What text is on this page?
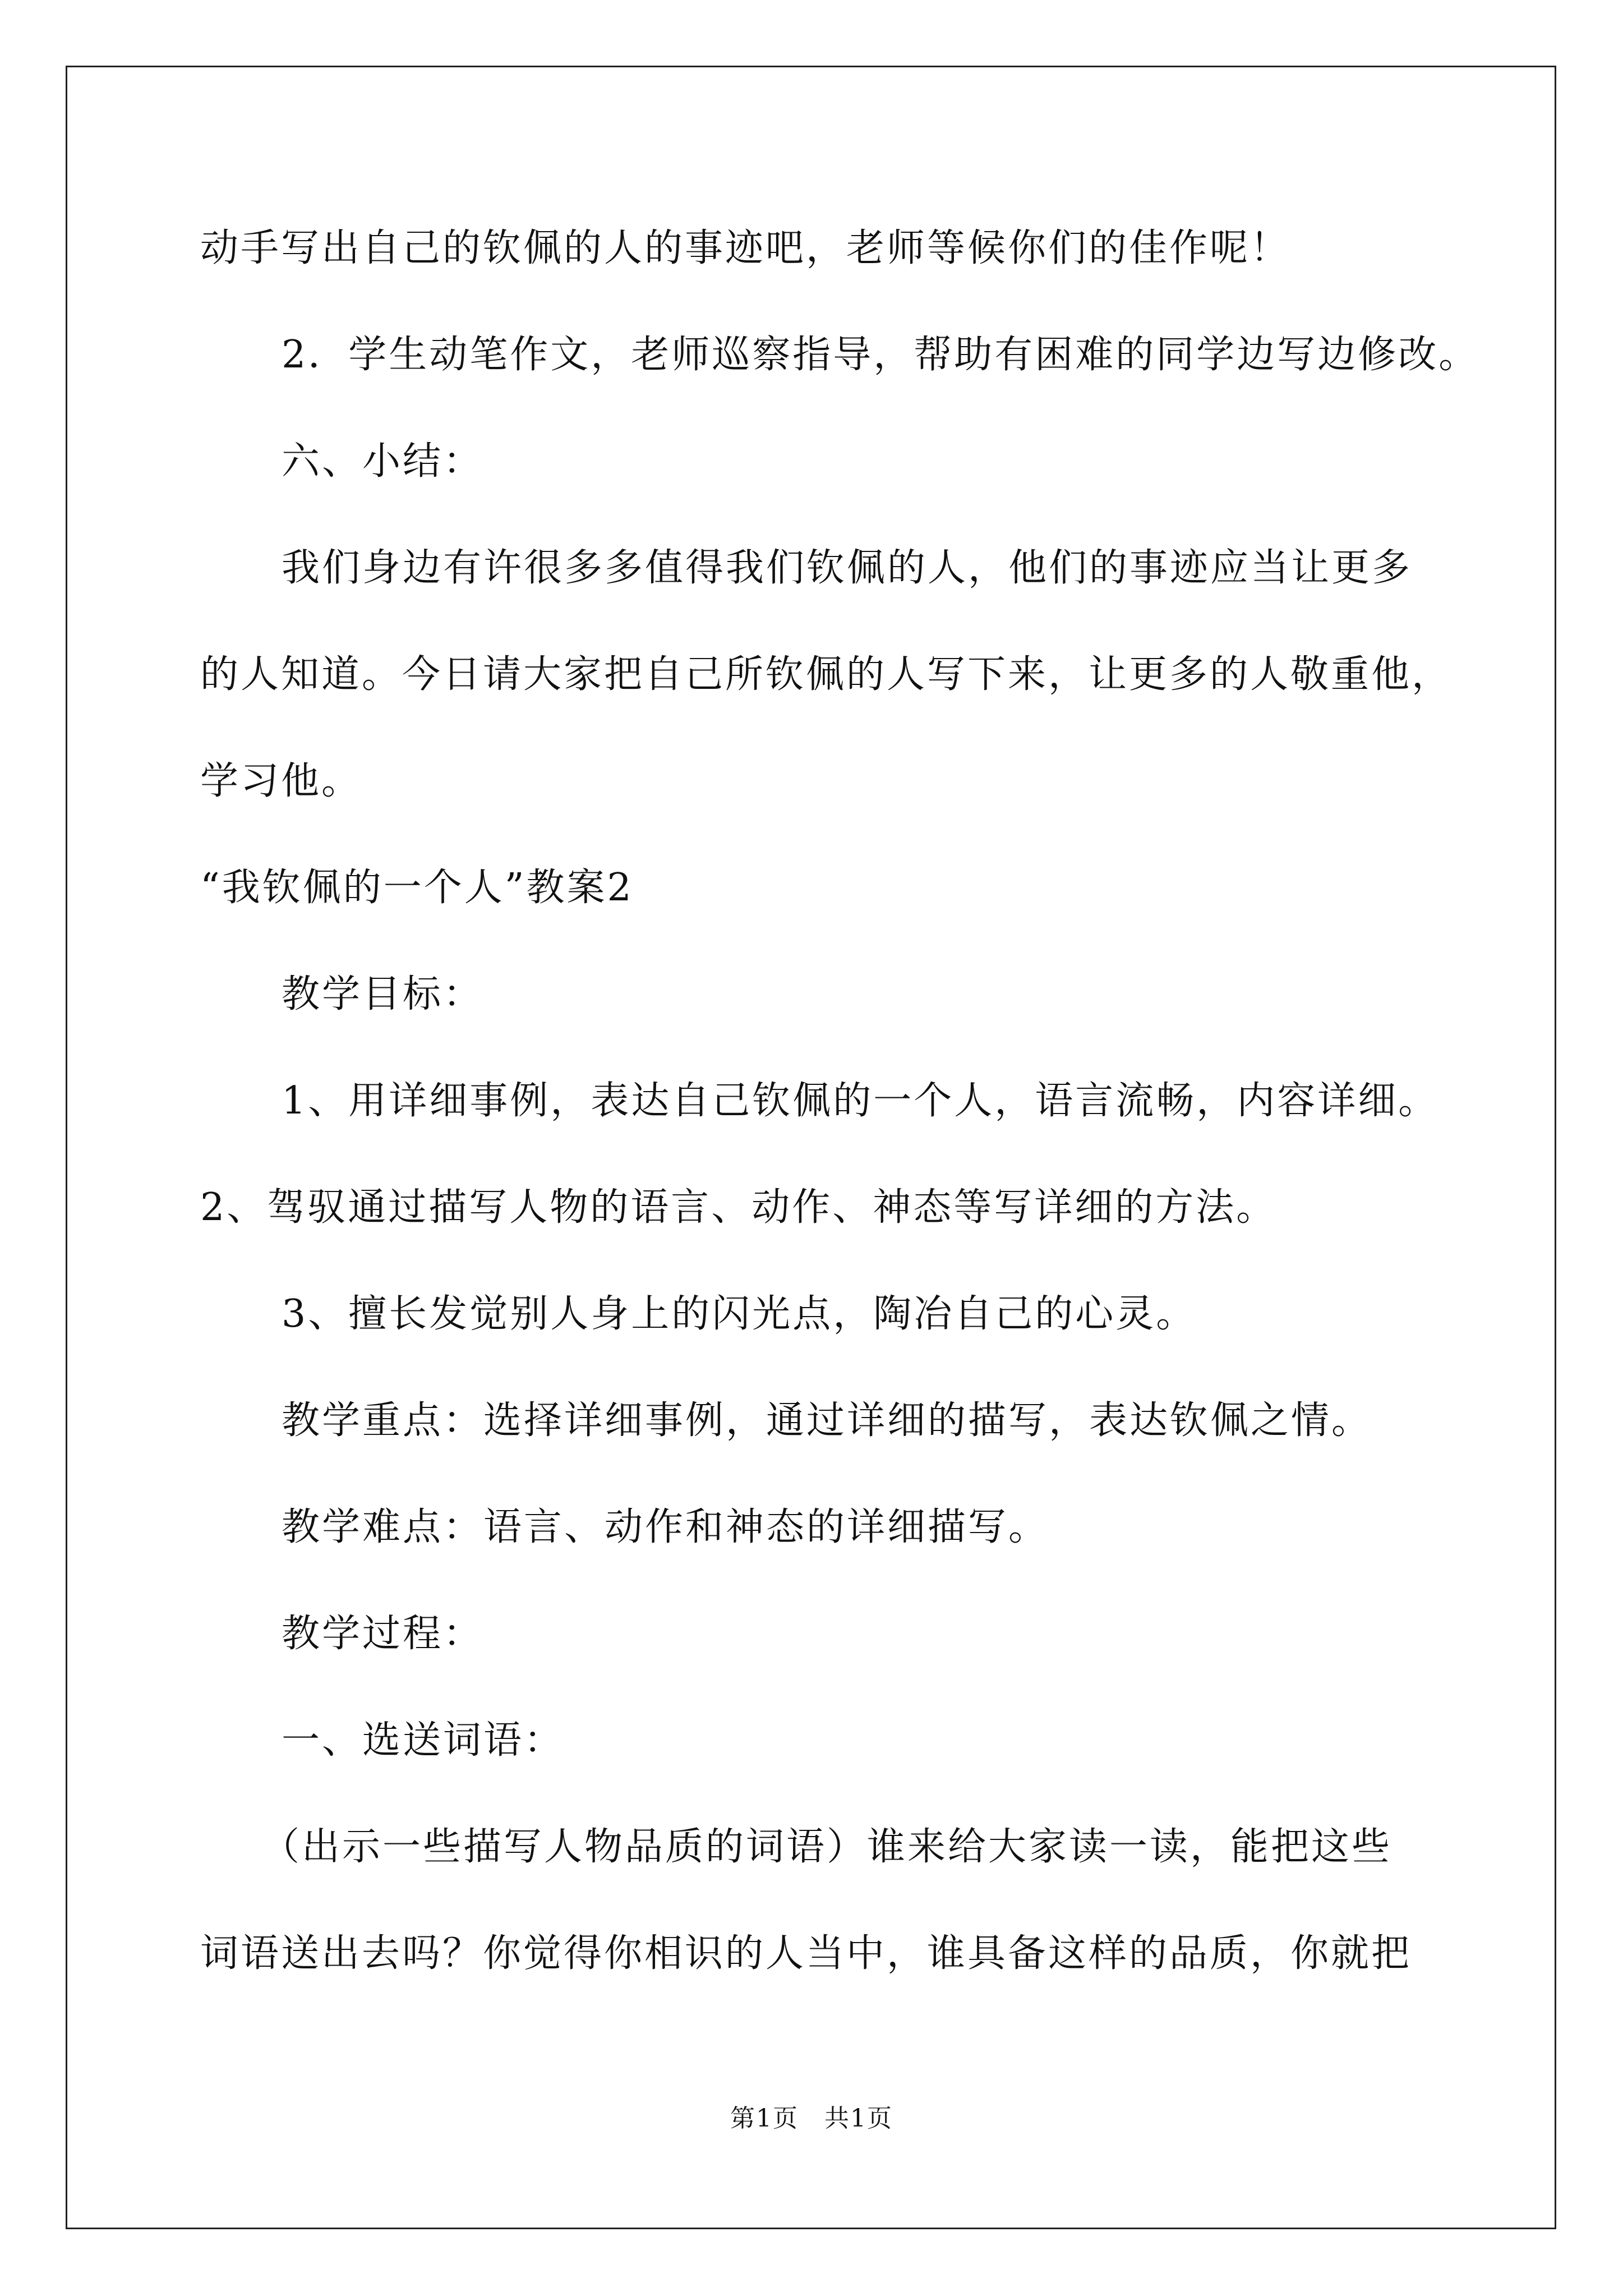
动手写出自己的钦佩的人的事迹吧，老师等候你们的佳作呢！
2．学生动笔作文，老师巡察指导，帮助有困难的同学边写边修改。
六、小结：
我们身边有许很多多值得我们钦佩的人，他们的事迹应当让更多
的人知道。今日请大家把自己所钦佩的人写下来，让更多的人敬重他，
学习他。
“我钦佩的一个人”教案2
教学目标：
1、用详细事例，表达自己钦佩的一个人，语言流畅，内容详细。
2、驾驭通过描写人物的语言、动作、神态等写详细的方法。
3、擅长发觉别人身上的闪光点，陶冶自己的心灵。
教学重点：选择详细事例，通过详细的描写，表达钦佩之情。
教学难点：语言、动作和神态的详细描写。
教学过程：
一、选送词语：
（出示一些描写人物品质的词语）谁来给大家读一读，能把这些
词语送出去吗？你觉得你相识的人当中，谁具备这样的品质，你就把
第1页　共1页
